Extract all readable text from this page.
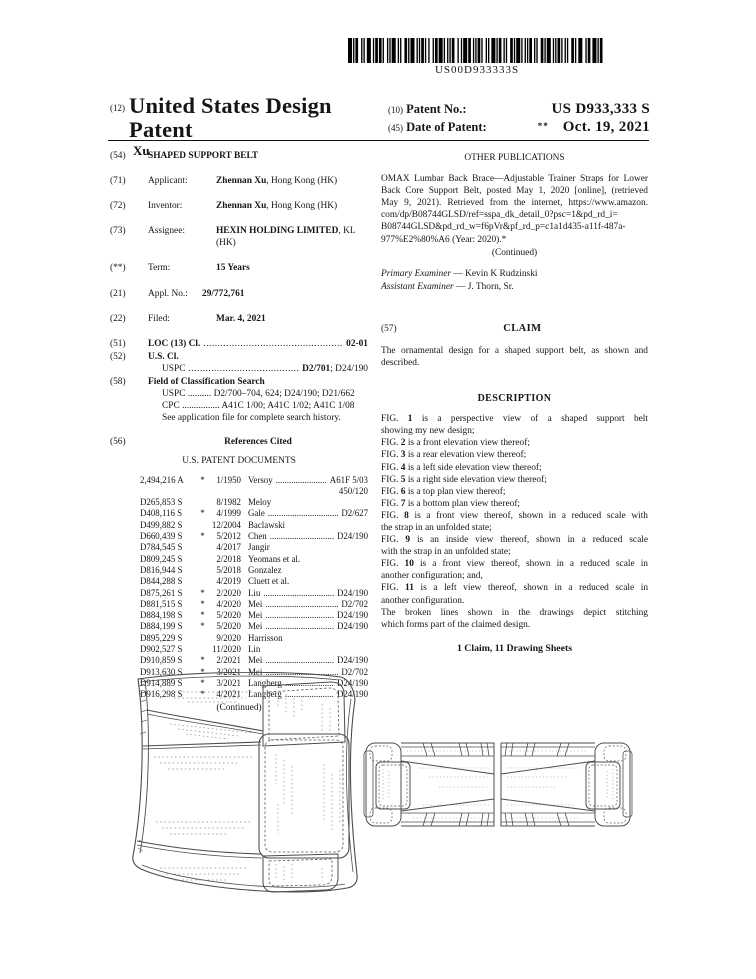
US00D933333S
(12) United States Design Patent
Xu
(10) Patent No.:	US D933,333 S
(45) Date of Patent:	** Oct. 19, 2021
(54)	SHAPED SUPPORT BELT
(71)	Applicant:	Zhennan Xu, Hong Kong (HK)
(72)	Inventor:	Zhennan Xu, Hong Kong (HK)
(73)	Assignee:	HEXIN HOLDING LIMITED, KL
(HK)
(**)	Term:	15 Years
(21)	Appl. No.: 29/772,761
(22)	Filed:	Mar. 4, 2021
(51)	LOC (13) Cl. .....	02-01
(52)	U.S. Cl.
USPC .....	D2/701; D24/190
(58)	Field of Classification Search
USPC .......... D2/700–704, 624; D24/190; D21/662
CPC ................ A41C 1/00; A41C 1/02; A41C 1/08
See application file for complete search history.
(56)	References Cited
U.S. PATENT DOCUMENTS
2,494,216 A	*	1/1950 Versoy .....	A61F 5/03
450/120
D265,853 S	8/1982 Meloy
D408,116 S	*	4/1999 Gale .....	D2/627
D499,882 S	12/2004 Baclawski
D660,439 S	*	5/2012 Chen .....	D24/190
D784,545 S	4/2017 Jangir
D809,245 S	2/2018 Yeomans et al.
D816,944 S	5/2018 Gonzalez
D844,288 S	4/2019 Cluett et al.
D875,261 S	*	2/2020 Liu .....	D24/190
D881,515 S	*	4/2020 Mei .....	D2/702
D884,198 S	*	5/2020 Mei .....	D24/190
D884,199 S	*	5/2020 Mei .....	D24/190
D895,229 S	9/2020 Harrisson
D902,527 S	11/2020 Lin
D910,859 S	*	2/2021 Mei .....	D24/190
D913,630 S	*	3/2021 Mei .....	D2/702
D914,889 S	*	3/2021 Langberg .....	D24/190
D916,298 S	*	4/2021 Langberg .....	D24/190
(Continued)
OTHER PUBLICATIONS
OMAX Lumbar Back Brace—Adjustable Trainer Straps for Lower
Back Core Support Belt, posted May 1, 2020 [online], (retrieved
May 9, 2021). Retrieved from the internet, https://www.amazon.
com/dp/B08744GLSD/ref=sspa_dk_detail_0?psc=1&pd_rd_i=
B08744GLSD&pd_rd_w=f6pVr&pf_rd_p=c1a1d435-a11f-487a-
977%E2%80%A6 (Year: 2020).*
(Continued)
Primary Examiner — Kevin K Rudzinski
Assistant Examiner — J. Thorn, Sr.
(57)	CLAIM
The ornamental design for a shaped support belt, as shown and described.
DESCRIPTION
FIG. 1 is a perspective view of a shaped support belt
showing my new design;
FIG. 2 is a front elevation view thereof;
FIG. 3 is a rear elevation view thereof;
FIG. 4 is a left side elevation view thereof;
FIG. 5 is a right side elevation view thereof;
FIG. 6 is a top plan view thereof;
FIG. 7 is a bottom plan view thereof;
FIG. 8 is a front view thereof, shown in a reduced scale with
the strap in an unfolded state;
FIG. 9 is an inside view thereof, shown in a reduced scale
with the strap in an unfolded state;
FIG. 10 is a front view thereof, shown in a reduced scale in
another configuration; and,
FIG. 11 is a left view thereof, shown in a reduced scale in
another configuration.
The broken lines shown in the drawings depict stitching
which forms part of the claimed design.
1 Claim, 11 Drawing Sheets
